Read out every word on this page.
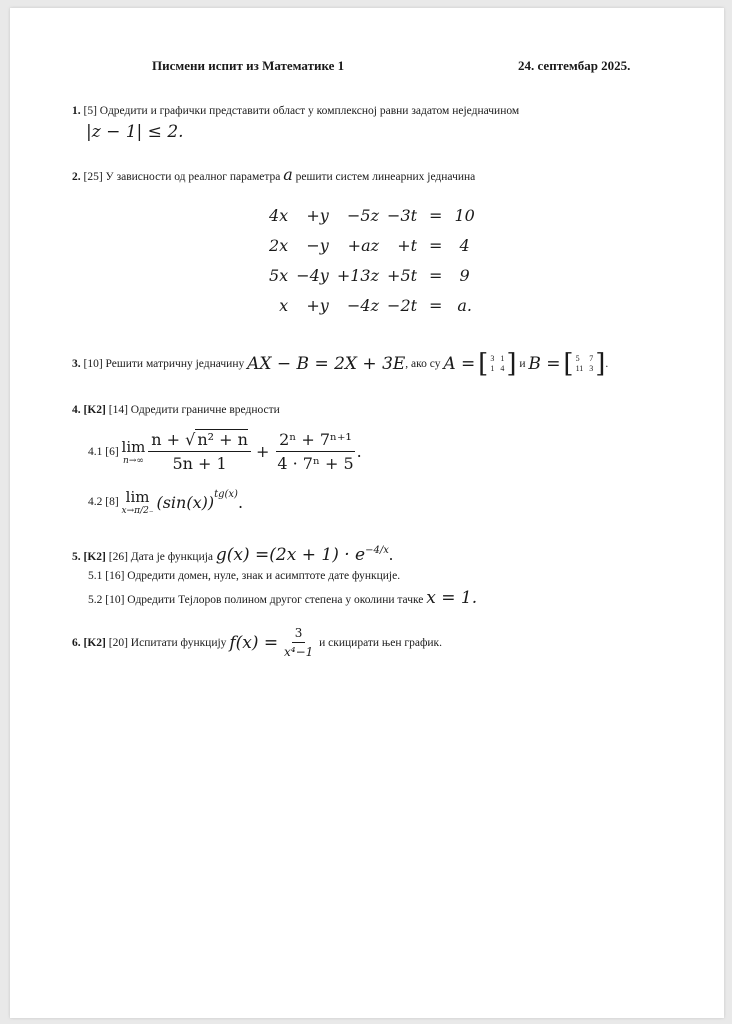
Писмени испит из Математике 1	24. септембар 2025.
1. [5] Одредити и графички представити област у комплексној равни задатом неједначином
|z − 1| ≤ 2.
2. [25] У зависности од реалног параметра a решити систем линеарних једначина
4x	+y	−5z	−3t	=	10
2x	−y	+az	+t	=	4
5x	−4y	+13z	+5t	=	9
x	+y	−4z	−2t	=	a.
3.
[10]
Решити матричну једначину
AX − B = 2X + 3E , ако су
A =
[ 3 1
1 4 ]
и
B =
[ 5	7
11 3 ] .
4. [K2] [14] Одредити граничне вредности
4.1 [6]
lim
n→∞
$\frac{\text{n + √ n² + n}}{5n + 1} + \frac{\text{2ⁿ + 7ⁿ⁺¹}}{\text{4 · 7ⁿ + 5}}$ .
4.2 [8]
lim
x→π/2₋
$(\sin(x))^{tg(x)}$ .
5.
[K2]
[26]
Дата је функција
$g(x) =(2x + 1) \cdot e^{-4/x}$ .
5.1 [16] Одредити домен, нуле, знак и асимптоте дате функције.
5.2 [10]
Одредити Тејлоров полином другог степена у околини тачке
x = 1.
6.
[K2]
[20]
Испитати функцију
f(x) =
$\frac{3}{\text{x⁴−1}}$
и скицирати њен график.
